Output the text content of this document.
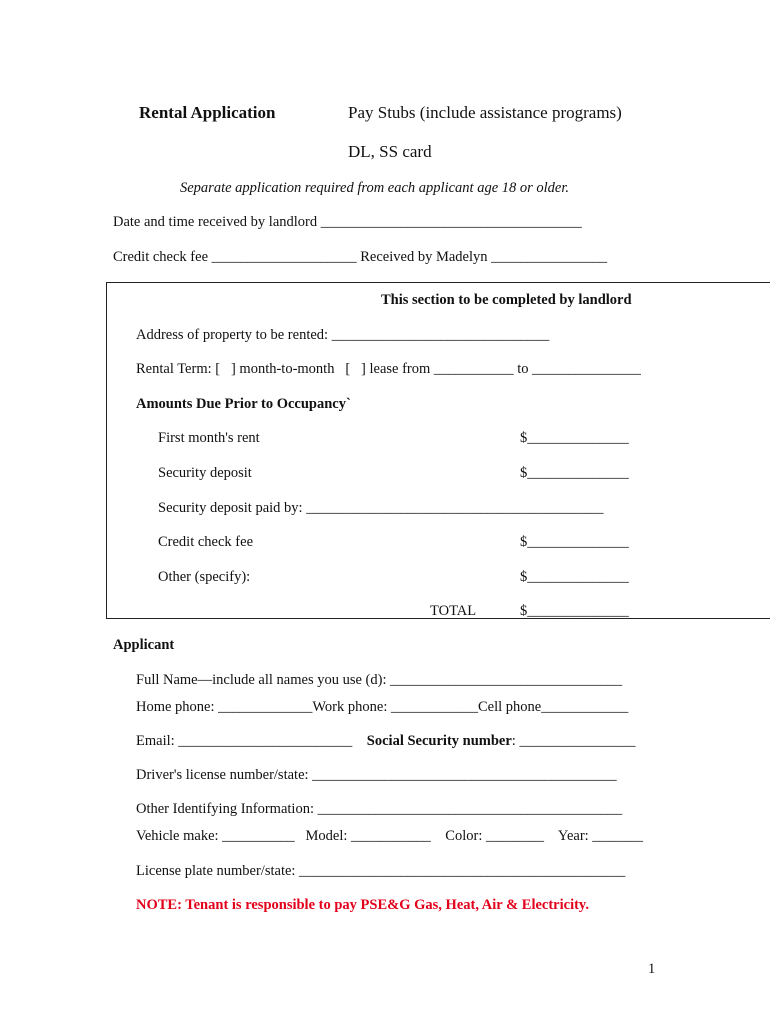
Rental Application	Pay Stubs (include assistance programs)
DL, SS card
Separate application required from each applicant age 18 or older.
Date and time received by landlord ____________________________________
Credit check fee ____________________ Received by Madelyn ________________
This section to be completed by landlord
Address of property to be rented: ______________________________
Rental Term: [   ] month-to-month   [   ] lease from ___________ to _______________
Amounts Due Prior to Occupancy`
First month's rent	$______________
Security deposit	$______________
Security deposit paid by: _________________________________________
Credit check fee	$______________
Other (specify):	$______________
TOTAL	$______________
Applicant
Full Name—include all names you use (d): ________________________________
Home phone: _____________Work phone: ____________Cell phone____________
Email: ________________________ Social Security number: ________________
Driver's license number/state: __________________________________________
Other Identifying Information: __________________________________________
Vehicle make: __________   Model: ___________    Color: ________    Year: _______
License plate number/state: _____________________________________________
NOTE: Tenant is responsible to pay PSE&G Gas, Heat, Air & Electricity.
1
